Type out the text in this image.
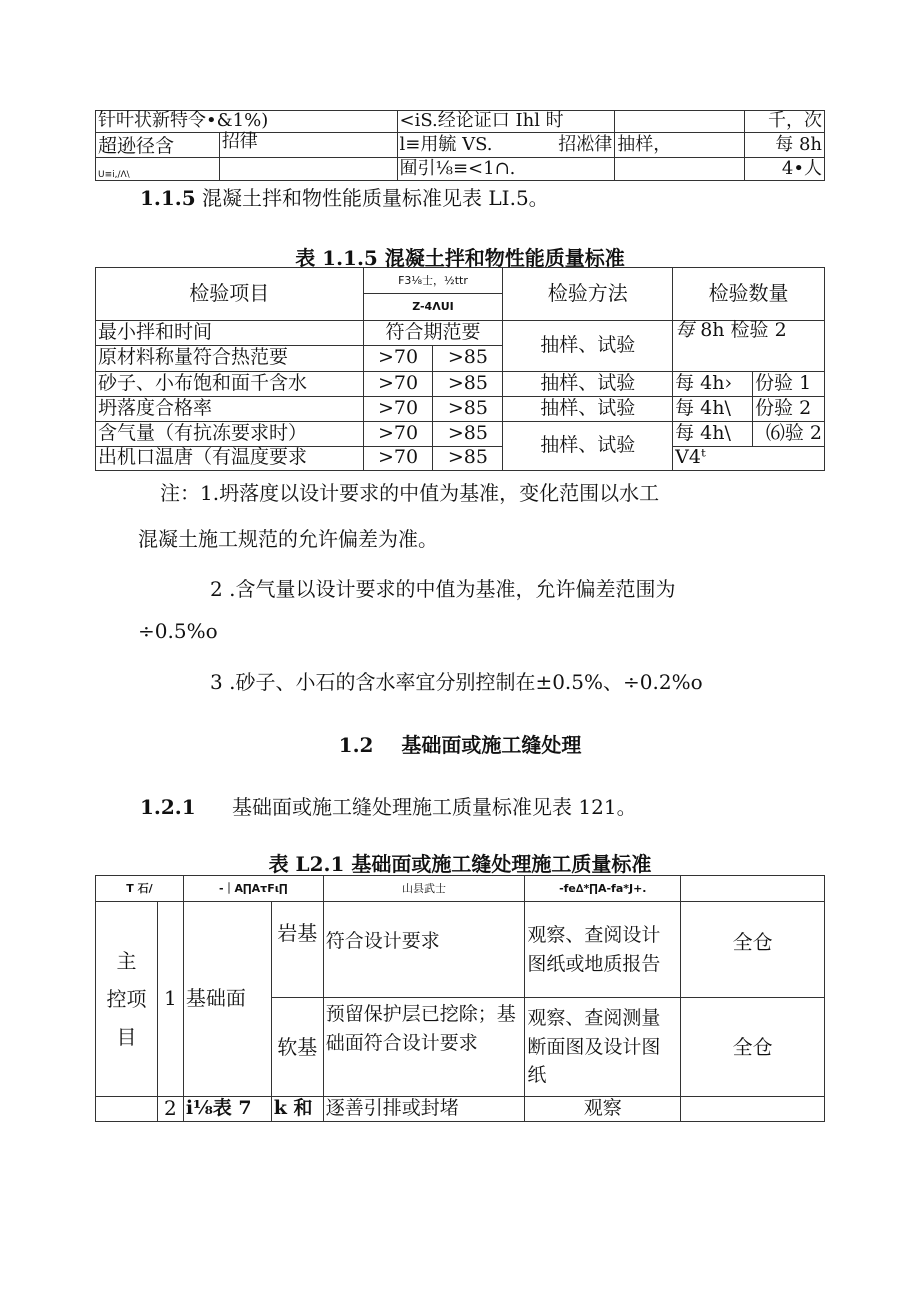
针叶状新特令•&1%)		<iS.经论证口 Ihl 时		千，次
超逊径含	招律	l≡用毓 VS. 招凇律	抽样，	每 8h
U≡i,/Λ\		囿引⅛≡<1∩.		4•人
1.1.5 混凝土拌和物性能质量标准见表 LI.5。
表 1.1.5 混凝土拌和物性能质量标准
检验项目	F3⅛士，½ttr		检验方法	检验数量	
	Z-4ΛUI				
最小拌和时间	符合期范要		抽样、试验	每 8h 检验 2	
原材料称量符合热范要	>70	>85			
砂子、小布饱和面千含水	>70	>85	抽样、试验	每 4h›	份验 1
坍落度合格率	>70	>85	抽样、试验	每 4h\	份验 2
含气量（有抗冻要求时）	>70	>85	抽样、试验	每 4h\	⑹验 2
出机口温唐（有温度要求	>70	>85		V4ᵗ	
注：1.坍落度以设计要求的中值为基准，变化范围以水工
混凝土施工规范的允许偏差为准。
2 .含气量以设计要求的中值为基准，允许偏差范围为
÷0.5%o
3 .砂子、小石的含水率宜分别控制在±0.5%、÷0.2%o
1.2 基础面或施工缝处理
1.2.1 基础面或施工缝处理施工质量标准见表 121。
表 L2.1 基础面或施工缝处理施工质量标准
T 石/		-｜A∏AτFι∏		山县武士	-fe∆*∏A-fa*J+.	

主
控项
目	1	基础面	岩基	符合设计要求	观察、查阅设计图纸或地质报告	全仓
			软基	预留保护层已挖除；基础面符合设计要求	观察、查阅测量断面图及设计图纸	全仓
	2	i⅛表 7	k 和	逐善引排或封堵	观察	
